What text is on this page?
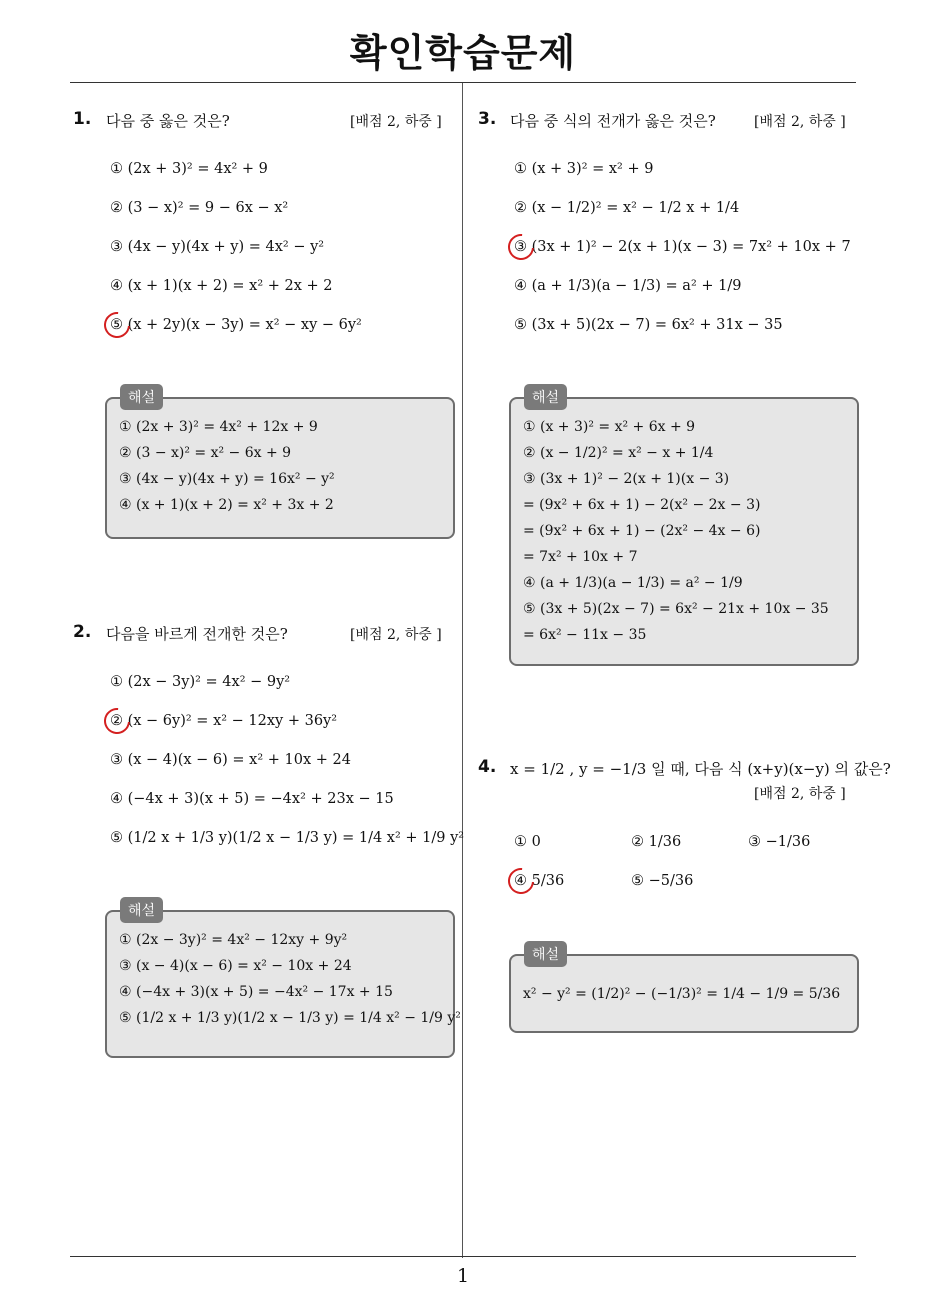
확인학습문제
1
1. 다음 중 옳은 것은?	[배점 2, 하중 ]
① (2x + 3)² = 4x² + 9
② (3 − x)² = 9 − 6x − x²
③ (4x − y)(4x + y) = 4x² − y²
④ (x + 1)(x + 2) = x² + 2x + 2
⑤ (x + 2y)(x − 3y) = x² − xy − 6y²
① (2x + 3)² = 4x² + 12x + 9
② (3 − x)² = x² − 6x + 9
③ (4x − y)(4x + y) = 16x² − y²
④ (x + 1)(x + 2) = x² + 3x + 2
해설
2. 다음을 바르게 전개한 것은?	[배점 2, 하중 ]
① (2x − 3y)² = 4x² − 9y²
② (x − 6y)² = x² − 12xy + 36y²
③ (x − 4)(x − 6) = x² + 10x + 24
④ (−4x + 3)(x + 5) = −4x² + 23x − 15
⑤ (1/2 x + 1/3 y)(1/2 x − 1/3 y) = 1/4 x² + 1/9 y²
① (2x − 3y)² = 4x² − 12xy + 9y²
③ (x − 4)(x − 6) = x² − 10x + 24
④ (−4x + 3)(x + 5) = −4x² − 17x + 15
⑤ (1/2 x + 1/3 y)(1/2 x − 1/3 y) = 1/4 x² − 1/9 y²
해설
3. 다음 중 식의 전개가 옳은 것은?	[배점 2, 하중 ]
① (x + 3)² = x² + 9
② (x − 1/2)² = x² − 1/2 x + 1/4
③ (3x + 1)² − 2(x + 1)(x − 3) = 7x² + 10x + 7
④ (a + 1/3)(a − 1/3) = a² + 1/9
⑤ (3x + 5)(2x − 7) = 6x² + 31x − 35
① (x + 3)² = x² + 6x + 9
② (x − 1/2)² = x² − x + 1/4
③ (3x + 1)² − 2(x + 1)(x − 3)
= (9x² + 6x + 1) − 2(x² − 2x − 3)
= (9x² + 6x + 1) − (2x² − 4x − 6)
= 7x² + 10x + 7
④ (a + 1/3)(a − 1/3) = a² − 1/9
⑤ (3x + 5)(2x − 7) = 6x² − 21x + 10x − 35
= 6x² − 11x − 35
해설
4. x = 1/2 , y = −1/3 일 때, 다음 식 (x+y)(x−y) 의 값은?
[배점 2, 하중 ]
① 0	② 1/36	③ −1/36
④ 5/36	⑤ −5/36
x² − y² = (1/2)² − (−1/3)² = 1/4 − 1/9 = 5/36
해설
